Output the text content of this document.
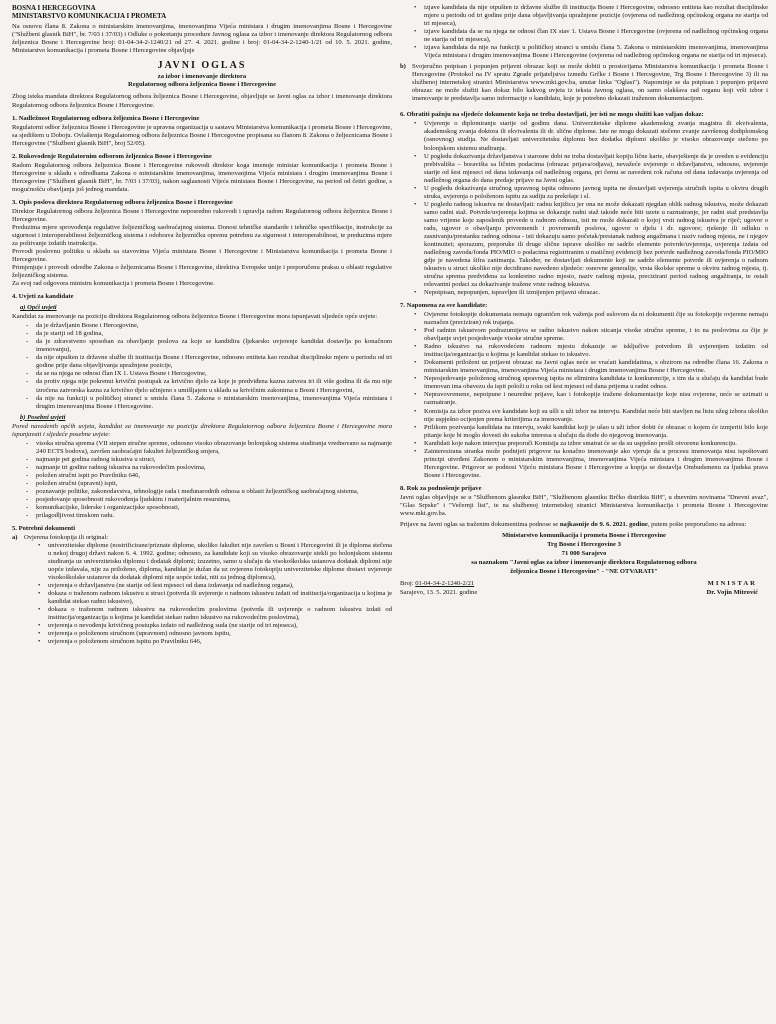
BOSNA I HERCEGOVINA
MINISTARSTVO KOMUNIKACIJA I PROMETA

Na osnovu člana 8. Zakona o ministarskim imenovanjima, imenovanjima Vijeća ministara i drugim imenovanjima Bosne i Hercegovine ("Službeni glasnik BiH", br. 7/03 i 37/03) i Odluke o pokretanju procedure Javnog oglasa za izbor i imenovanje direktora Regulatornog odbora željeznica Bosne i Hercegovine broj: 01-04-34-2-1240/21 od 27. 4. 2021. godine i broj: 01-04-34-2-1240-1/21 od 10. 5. 2021. godine, Ministarstvo komunikacija i prometa Bosne i Hercegovine objavljuje

JAVNI OGLAS

za izbor i imenovanje direktora

Regulatornog odbora željeznica Bosne i Hercegovine

Zbog isteka mandata direktora Regulatornog odbora željeznica Bosne i Hercegovine, objavljuje se Javni oglas za izbor i imenovanje direktora Regulatornog odbora željeznica Bosne i Hercegovine.

1. Nadležnost Regulatornog odbora željeznica Bosne i Hercegovine

Regulatorni odbor željeznica Bosne i Hercegovine je upravna organizacija u sastavu Ministarstva komunikacija i prometa Bosne i Hercegovine, sa sjedištem u Doboju. Ovlaštenja Regulatornog odbora željeznica Bosne i Hercegovine propisana su članom 8. Zakona o željeznicama Bosne i Hercegovine ("Službeni glasnik BiH", broj 52/05).

2. Rukovođenje Regulatornim odborom željeznica Bosne i Hercegovine

Radom Regulatornog odbora željeznica Bosne i Hercegovine rukovodi direktor koga imenuje ministar komunikacija i prometa Bosne i Hercegovine u skladu s odredbama Zakona o ministarskim imenovanjima, imenovanjima Vijeća ministara i drugim imenovanjima Bosne i Hercegovine ("Službeni glasnik BiH", br. 7/03 i 37/03), nakon saglasnosti Vijeća ministara Bosne i Hercegovine, na period od četiri godine, s mogućnošću obavljanja još jednog mandata.

3. Opis poslova direktora Regulatornog odbora željeznica Bosne i Hercegovine

Direktor Regulatornog odbora željeznica Bosne i Hercegovine neposredno rukovodi i upravlja radom Regulatornog odbora željeznica Bosne i Hercegovine.

Preduzima mjere sprovođenja regulative željezničkog saobraćajnog sistema. Donosi tehničke standarde i tehničke specifikacije, instrukcije za sigurnost i interoperabilnost željezničkog sistema i odobrava željezničku opremu potrebnu za sigurnost i interoperabilnost, te preduzima mjere za poštivanje izdatih instrukcija.

Provodi poslovnu politiku u skladu sa stavovima Vijeća ministara Bosne i Hercegovine i Ministarstva komunikacija i prometa Bosne i Hercegovine.

Primjenjuje i provodi odredbe Zakona o željeznicama Bosne i Hercegovine, direktiva Evropske unije i preporučenu praksu u oblasti regulative željezničkog sistema.

Za svoj rad odgovora ministru komunikacija i prometa Bosne i Hercegovine.

4. Uvjeti za kandidate
a) Opći uvjeti

Kandidat za imenovanje na poziciju direktora Regulatornog odbora željeznica Bosne i Hercegovine mora ispunjavati sljedeće opće uvjete:

- da je državljanin Bosne i Hercegovine,
- da je stariji od 18 godina,
- da je zdravstveno sposoban za obavljanje poslova za koje se kandidira (ljekarsko uvjerenje kandidat dostavlja po konačnom imenovanju),
- da nije otpušten iz državne službe ili institucija Bosne i Hercegovine, odnosno entiteta kao rezultat disciplinske mjere u periodu od tri godine prije dana objavljivanja upražnjene pozicije,
- da se na njega ne odnosi član IX 1. Ustava Bosne i Hercegovine,
- da protiv njega nije pokrenut krivični postupak za krivično djelo za koje je predviđena kazna zatvora tri ili više godina ili da mu nije izrečena zatvorska kazna za krivično djelo učinjeno s umišljajem u skladu sa krivičnim zakonima u Bosni i Hercegovini,
- da nije na funkciji u političkoj stranci u smislu člana 5. Zakona o ministarskim imenovanjima, imenovanjima Vijeća ministara i drugim imenovanjima Bosne i Hercegovine.
b) Posebni uvjeti

Pored navedenih općih uvjeta, kandidat za imenovanje na poziciju direktora Regulatornog odbora željeznica Bosne i Hercegovine mora ispunjavati i sljedeće posebne uvjete:

- visoka stručna sprema (VII stepen stručne spreme, odnosno visoko obrazovanje bolonjskog sistema studiranja vrednovano sa najmanje 240 ECTS bodova), završen saobraćajni fakultet željezničkog smjera,
- najmanje pet godina radnog iskustva u struci,
- najmanje tri godine radnog iskustva na rukovodećim poslovima,
- položen stručni ispit po Pravilniku 646,
- položen stručni (upravni) ispit,
- poznavanje politike, zakonodavstva, tehnologije rada i međunarodnih odnosa u oblasti željezničkog saobraćajnog sistema,
- posjedovanje sposobnosti rukovođenja ljudskim i materijalnim resursima,
- komunikacijske, liderske i organizacijske sposobnosti,
- prilagodljivost timskom radu.
5. Potrebni dokumenti
a) Ovjerena fotokopija ili original:
• univerzitetske diplome (nostrificirane/priznate diplome, ukoliko fakultet nije završen u Bosni i Hercegovini ili je diploma stečena u nekoj drugoj državi nakon 6. 4. 1992. godine; odnosno, za kandidate koji su visoko obrazovanje stekli po bolonjskom sistemu studiranja uz univerzitetsku diplomu i dodatak diplomi; izuzetno, samo u slučaju da visokoškolska ustanova dodatak diplomi nije uopće izdavala, nije za priloženo, diploma, kandidat je dužan da uz ovjerenu fotokopiju univerzitetske diplome dostavi uvjerenje visokoškolske ustanove da dodatak diplomi nije uopće izdat, niti za jednog diplomca),
• uvjerenja o državljanstvu (ne starije od šest mjeseci od dana izdavanja od nadležnog organa),
• dokaza o traženom radnom iskustvu u struci (potvrda ili uvjerenje o radnom iskustvu izdati od institucija/organizacija u kojima je kandidat stekao radno iskustvo),
• dokaza o traženom radnom iskustvu na rukovodećim poslovima (potvrda ili uvjerenje o radnom iskustvu izdati od institucija/organizacija u kojima je kandidat stekao radno iskustvo na rukovodećim poslovima),
• uvjerenja o nevođenju krivičnog postupka izdato od nadležnog suda (ne starije od tri mjeseca),
• uvjerenja o položenom stručnom (upravnom) odnosno javnom ispitu,
• uvjerenja o položenom stručnom ispitu po Pravilniku 646,
• izjave kandidata da nije otpušten iz državne službe ili institucija Bosne i Hercegovine, odnosno entiteta kao rezultat disciplinske mjere u periodu od tri godine prije dana objavljivanja upražnjene pozicije (ovjerena od nadležnog općinskog organa ne starija od tri mjeseca),
• izjave kandidata da se na njega ne odnosi član IX stav 1. Ustava Bosne i Hercegovine (ovjerena od nadležnog općinskog organa ne starija od tri mjeseca),
• izjava kandidata da nije na funkciji u političkoj stranci u smislu člana 5. Zakona o ministarskim imenovanjima, imenovanjima Vijeća ministara i drugim imenovanjima Bosne i Hercegovine (ovjerena od nadležnog općinskog organa ne starija od tri mjeseca).
b) Svojeručno potpisan i popunjen prijavni obrazac koji se može dobiti u prostorijama Ministarstva komunikacija i prometa Bosne i Hercegovine (Protokol na IV spratu Zgrade prijateljstva između Grčke i Bosne i Hercegovine, Trg Bosne i Hercegovine 3) ili na službenoj internetskoj stranici Ministarstva www.mkt.gov.ba, unutar linka "Oglasi"). Napominje se da potpisan i popunjen prijavni obrazac ne može služiti kao dokaz bilo kakvog uvjeta iz teksta Javnog oglasa, on samo olakšava rad organu koji vrši izbor i imenovanje te predstavlja samo informacije o kandidatu, koje je potrebno dokazati traženom dokumentacijom.

6. Obratiti pažnju na sljedeće dokumente koja ne treba dostavljati, jer isti ne mogu služiti kao valjan dokaz:
• Uvjerenje o diplomiranju starije od godinu dana. Univerzitetske diplome akademskog zvanja magistra ili ekvivalenta, akademskog zvanja doktora ili ekvivalenta ili dr. slične diplome. Iste ne mogu dokazati stečeno zvanje završenog dodiplomskog (osnovnog) studija. Ne dostavljati univerzitetsku diplomu bez dodatka diplomi ukoliko je visoko obrazovanje stečeno po bolonjskom sistemu studiranja.
• U pogledu dokazivanja državljanstva i starosne dobi ne treba dostavljati kopiju lične karte, obavještenje da je uveden u evidenciju prebivališta – boravišta sa ličnim podacima (obrazac prijava/odjava), nevažeće uvjerenje o državljanstvu, odnosno, uvjerenje starije od šest mjeseci od dana izdavanja od nadležnog organa, pri čemu se navedeni rok računa od dana izdavanja uvjerenja od nadležnog organa do dana predaje prijave na Javni oglas.
• U pogledu dokazivanja stručnog upravnog ispita odnosno javnog ispita ne dostavljati uvjerenja stručnih ispita u okviru drugih struka, uvjerenja o položenom ispitu za sudiju za prekršaje i sl.
• U pogledu radnog iskustva ne dostavljati: radnu knjižicu jer ona ne može dokazati njegdan oblik radnog iskustva, može dokazati samo radni staž. Potvrde/uvjerenja kojima se dokazuje radni staž takođe neće biti uzete u razmatranje, jer radni staž predstavlja samo vrijeme koje zaposlenik provede u radnom odnosu, isti ne može dokazati o kojoj vrsti radnog iskustva je riječ; ugovor o radu, ugovor o obavljanju privremenih i povremenih poslova, ugovor o djelu i dr. ugovore; rješenje ili odluku o zasnivanju/prestanku radnog odnosa - isti dokazuju samo početak/prestanak radnog angažmana i naziv radnog mjesta, ne i njegov kontinuitet; sporazum, preporuke ili druge slične isprave ukoliko ne sadrže elemente potvrde/uvjerenja, uvjerenja izdata od nadležnog zavoda/fonda PIO/MIO o podacima registriranim u matičnoj evidenciji bez potvrde nadležnog zavoda/fonda PIO/MIO gdje je navedena šifra zanimanja. Također, ne dostavljati dokumente koji ne sadrže elemente potvrde ili uvjerenja o radnom iskustvu u struci ukoliko nije decidirano navedeno sljedeće: osnovne generalije, vrsta školske spreme u okviru radnog mjesta, tj. stručna sprema predviđena za konkretno radno mjesto, naziv radnog mjesta, precizirani period radnog angažiranja, te ostali relevantni podaci za dokazivanje tražene vrste radnog iskustva.
• Nepotpisan, nepopunjen, ispravljen ili izmijenjen prijavni obrazac.
7. Napomena za sve kandidate:
• Ovjerene fotokopije dokumenata nemaju ograničen rok važenja pod uslovom da ni dokumenti čije su fotokopije ovjerene nemaju naznačen (preciziran) rok trajanja.
• Pod radnim iskustvom podrazumijeva se radno iskustvo nakon sticanja visoke stručne spreme, i to na poslovima za čije je obavljanje uvjet posjedovanje visoke stručne spreme.
• Radno iskustvo na rukovodećem radnom mjestu dokazuje se isključive potvrdom ili uvjerenjem izdatim od institucija/organizacija u kojima je kandidat stekao to iskustvo.
• Dokumenti priloženi uz prijavni obrazac na Javni oglas neće se vraćati kandidatima, s obzirom na odredbe člana 16. Zakona o ministarskim imenovanjima, imenovanjima Vijeća ministara i drugim imenovanjima Bosne i Hercegovine.
• Neposjedovanje položenog stručnog upravnog ispita ne eliminira kandidata iz konkurencije, s tim da u slučaju da kandidat bude imenovan ima obavezu da ispit položi u roku od šest mjeseci od dana prijema u radni odnos.
• Nepravovremene, nepotpune i neuredne prijave, kao i fotokopije tražene dokumentacije koje nisu ovjerene, neće se uzimati u razmatranje.
• Komisija za izbor poziva sve kandidate koji su ušli u uži izbor na intervju. Kandidat neće biti stavljen na listu užeg izbora ukoliko nije uspješno ocijenjen prema kriterijima za imenovanje.
• Prilikom pozivanja kandidata na intervju, svaki kandidat koji je ušao u uži izbor dobit će obrazac o kojem će izmjeriti bilo koje pitanje koje bi moglo dovesti do sukoba interesa u slučaju da dođe do njegovog imenovanja.
• Kandidati koje nakon intervjua preporuči Komisija za izbor smatrat će se da su uspješno prošli otvorenu konkurenciju.
• Zainteresirana stranka može podnijeti prigovor na konačno imenovanje ako vjeruje da u procesu imenovanja nisu ispoštovani principi utvrđeni Zakonom o ministarskim imenovanjima, imenovanjima Vijeća ministara i drugim imenovanjima Bosne i Hercegovine. Prigovor se podnosi Vijeću ministara Bosne i Hercegovine a kopija se dostavlja Ombudsmenu za ljudska prava Bosne i Hercegovine.
8. Rok za podnošenje prijave

Javni oglas objavljuje se u "Službenom glasniku BiH", "Službenom glasniku Brčko distrikta BiH", u dnevnim novinama "Dnevni avaz", "Glas Srpske" i "Večernji list", te na službenoj internetskoj stranici Ministarstva komunikacija i prometa Bosne i Hercegovine www.mkt.gov.ba.

Prijave na Javni oglas sa traženim dokumentima podnose se najkasnije do 9. 6. 2021. godine, putem pošte preporučeno na adresu:

Ministarstvo komunikacija i prometa Bosne i Hercegovine
Trg Bosne i Hercegovine 3
71 000 Sarajevo
sa naznakom "Javni oglas za izbor i imenovanje direktora Regulatornog odbora
željeznica Bosne i Hercegovine" - "NE OTVARATI"
Broj: 01-04-34-2-1240-2/21
Sarajevo, 13. 5. 2021. godine
MINISTAR
Dr. Vojin Mitrović
